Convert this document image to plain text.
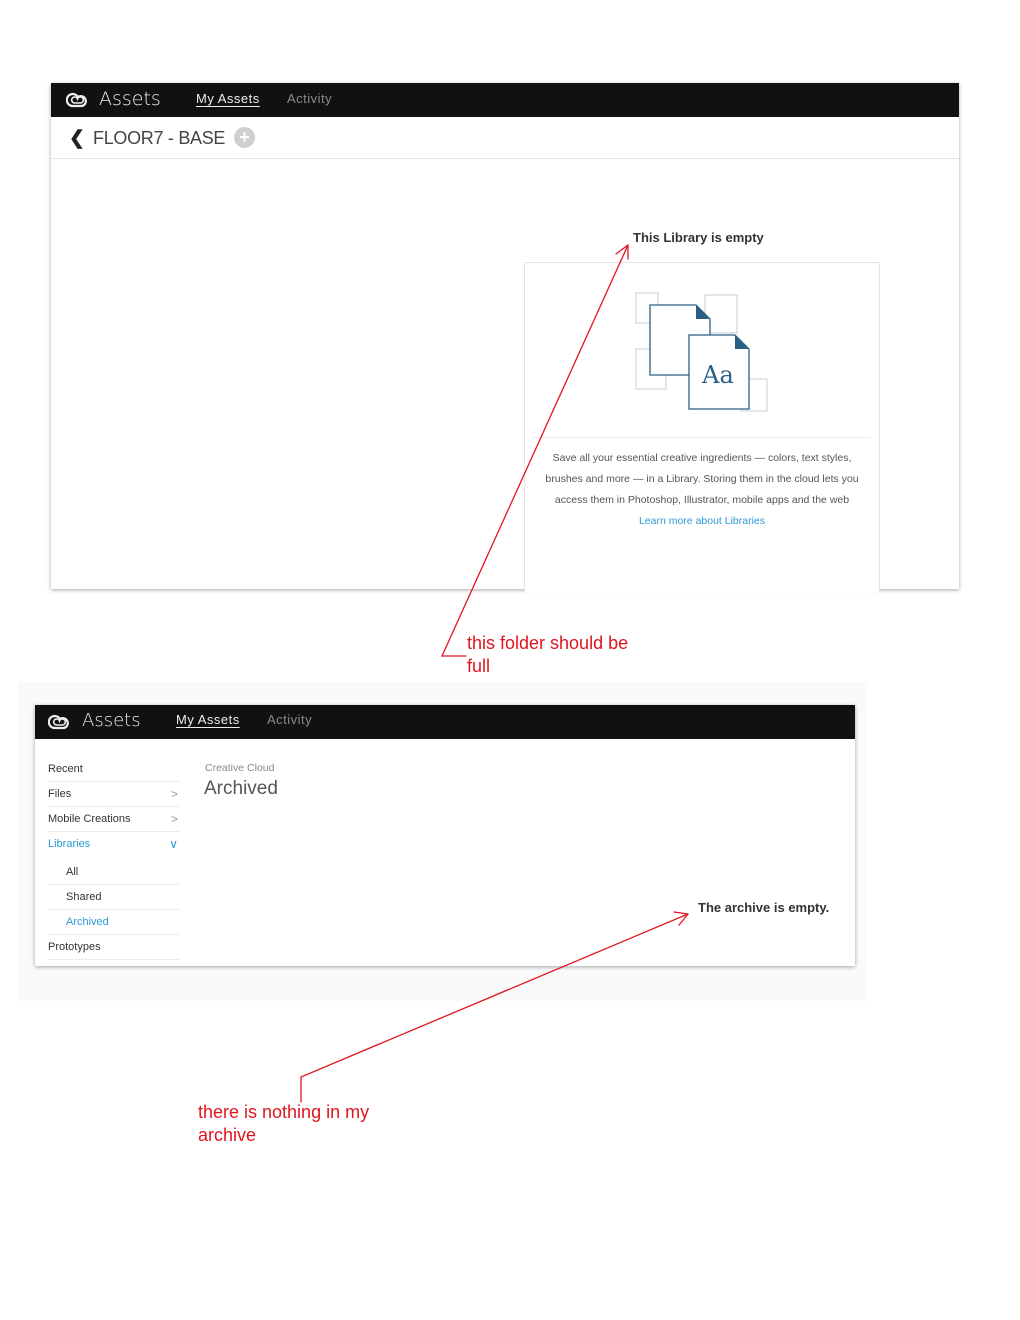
Assets	My Assets Activity
❮ FLOOR7 - BASE +
This Library is empty
Aa
Save all your essential creative ingredients — colors, text styles, brushes and more — in a Library. Storing them in the cloud lets you access them in Photoshop, Illustrator, mobile apps and the web
Learn more about Libraries
Assets	My Assets Activity
Recent
Files	>
Mobile Creations	>
Libraries	∨
All
Shared
Archived
Prototypes
Creative Cloud
Archived
The archive is empty.
this folder should be
full
there is nothing in my
archive
